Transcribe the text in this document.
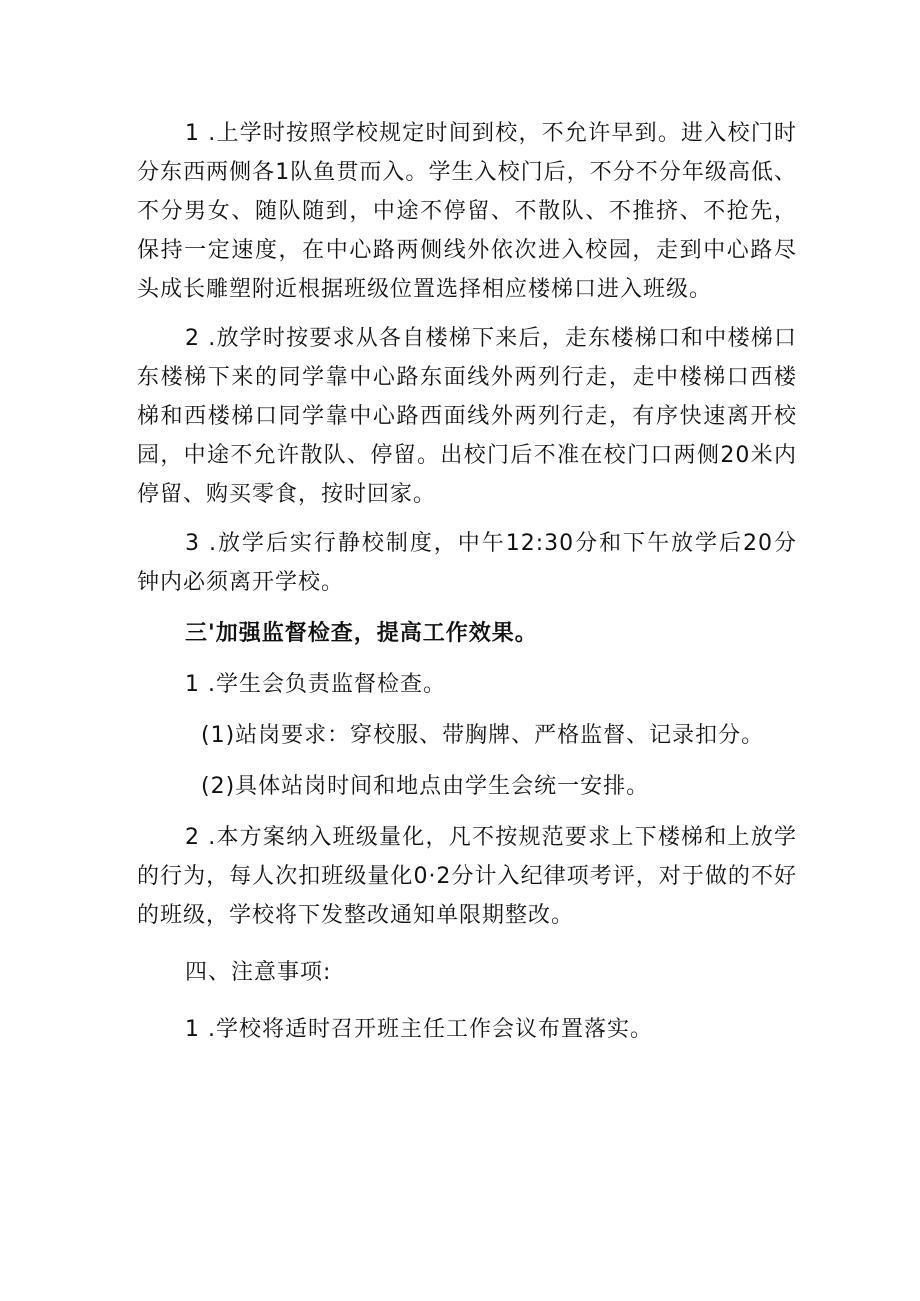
1 .上学时按照学校规定时间到校，不允许早到。进入校门时分东西两侧各1队鱼贯而入。学生入校门后，不分不分年级高低、不分男女、随队随到，中途不停留、不散队、不推挤、不抢先，保持一定速度，在中心路两侧线外依次进入校园，走到中心路尽头成长雕塑附近根据班级位置选择相应楼梯口进入班级。

2 .放学时按要求从各自楼梯下来后，走东楼梯口和中楼梯口东楼梯下来的同学靠中心路东面线外两列行走，走中楼梯口西楼梯和西楼梯口同学靠中心路西面线外两列行走，有序快速离开校园，中途不允许散队、停留。出校门后不准在校门口两侧20米内停留、购买零食，按时回家。

3 .放学后实行静校制度，中午12:30分和下午放学后20分钟内必须离开学校。

三'加强监督检查，提高工作效果。

1 .学生会负责监督检查。

(1)站岗要求：穿校服、带胸牌、严格监督、记录扣分。

(2)具体站岗时间和地点由学生会统一安排。

2 .本方案纳入班级量化，凡不按规范要求上下楼梯和上放学的行为，每人次扣班级量化0·2分计入纪律项考评，对于做的不好的班级，学校将下发整改通知单限期整改。

四、注意事项:

1 .学校将适时召开班主任工作会议布置落实。
